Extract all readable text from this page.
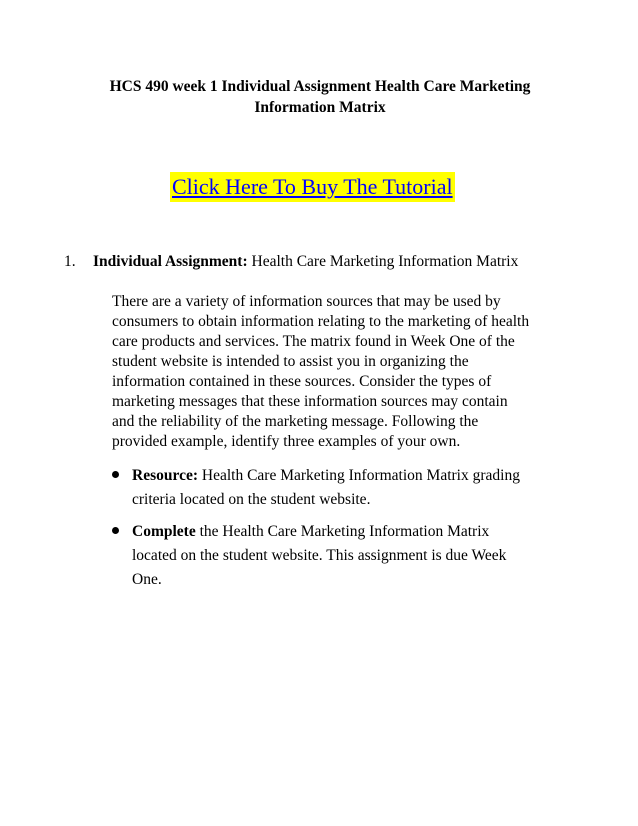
HCS 490 week 1 Individual Assignment Health Care Marketing
Information Matrix
Click Here To Buy The Tutorial
1. Individual Assignment: Health Care Marketing Information Matrix
There are a variety of information sources that may be used by
consumers to obtain information relating to the marketing of health
care products and services. The matrix found in Week One of the
student website is intended to assist you in organizing the
information contained in these sources. Consider the types of
marketing messages that these information sources may contain
and the reliability of the marketing message. Following the
provided example, identify three examples of your own.
Resource: Health Care Marketing Information Matrix grading
criteria located on the student website.
Complete the Health Care Marketing Information Matrix
located on the student website. This assignment is due Week
One.
